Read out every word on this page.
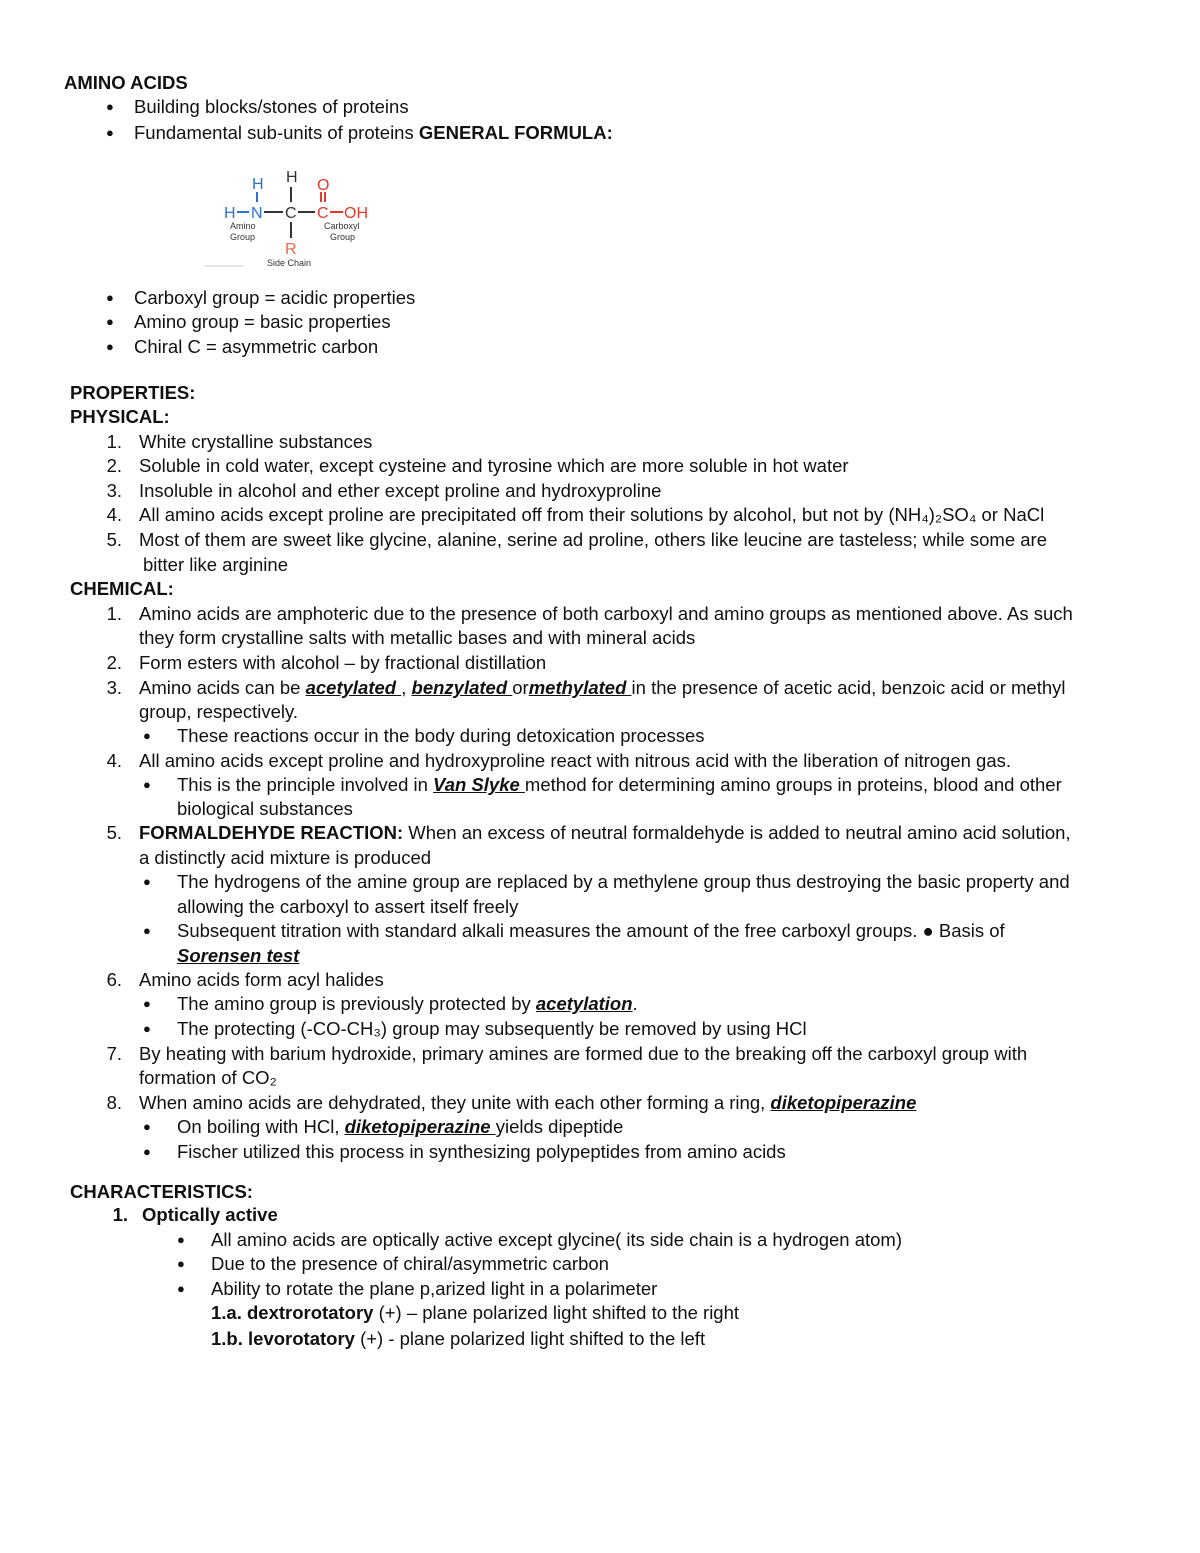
AMINO ACIDS
● Building blocks/stones of proteins
● Fundamental sub-units of proteins GENERAL FORMULA:
H H O
H N C C OH
Amino
Group
Carboxyl
Group
R
Side Chain
● Carboxyl group = acidic properties
● Amino group = basic properties
● Chiral C = asymmetric carbon
PROPERTIES:
PHYSICAL:
1. White crystalline substances
2. Soluble in cold water, except cysteine and tyrosine which are more soluble in hot water
3. Insoluble in alcohol and ether except proline and hydroxyproline
4. All amino acids except proline are precipitated off from their solutions by alcohol, but not by (NH₄)₂SO₄ or NaCl
5. Most of them are sweet like glycine, alanine, serine ad proline, others like leucine are tasteless; while some are
bitter like arginine
CHEMICAL:
1. Amino acids are amphoteric due to the presence of both carboxyl and amino groups as mentioned above. As such
they form crystalline salts with metallic bases and with mineral acids
2. Form esters with alcohol – by fractional distillation
3. Amino acids can be acetylated , benzylated ormethylated in the presence of acetic acid, benzoic acid or methyl
group, respectively.
● These reactions occur in the body during detoxication processes
4. All amino acids except proline and hydroxyproline react with nitrous acid with the liberation of nitrogen gas.
● This is the principle involved in Van Slyke method for determining amino groups in proteins, blood and other
biological substances
5. FORMALDEHYDE REACTION: When an excess of neutral formaldehyde is added to neutral amino acid solution,
a distinctly acid mixture is produced
● The hydrogens of the amine group are replaced by a methylene group thus destroying the basic property and
allowing the carboxyl to assert itself freely
● Subsequent titration with standard alkali measures the amount of the free carboxyl groups. ● Basis of
Sorensen test
6. Amino acids form acyl halides
● The amino group is previously protected by acetylation.
● The protecting (-CO-CH₃) group may subsequently be removed by using HCl
7. By heating with barium hydroxide, primary amines are formed due to the breaking off the carboxyl group with
formation of CO₂
8. When amino acids are dehydrated, they unite with each other forming a ring, diketopiperazine
● On boiling with HCl, diketopiperazine yields dipeptide
● Fischer utilized this process in synthesizing polypeptides from amino acids
CHARACTERISTICS:
1. Optically active
● All amino acids are optically active except glycine( its side chain is a hydrogen atom)
● Due to the presence of chiral/asymmetric carbon
● Ability to rotate the plane p,arized light in a polarimeter
1.a. dextrorotatory (+) – plane polarized light shifted to the right
1.b. levorotatory (+) - plane polarized light shifted to the left
